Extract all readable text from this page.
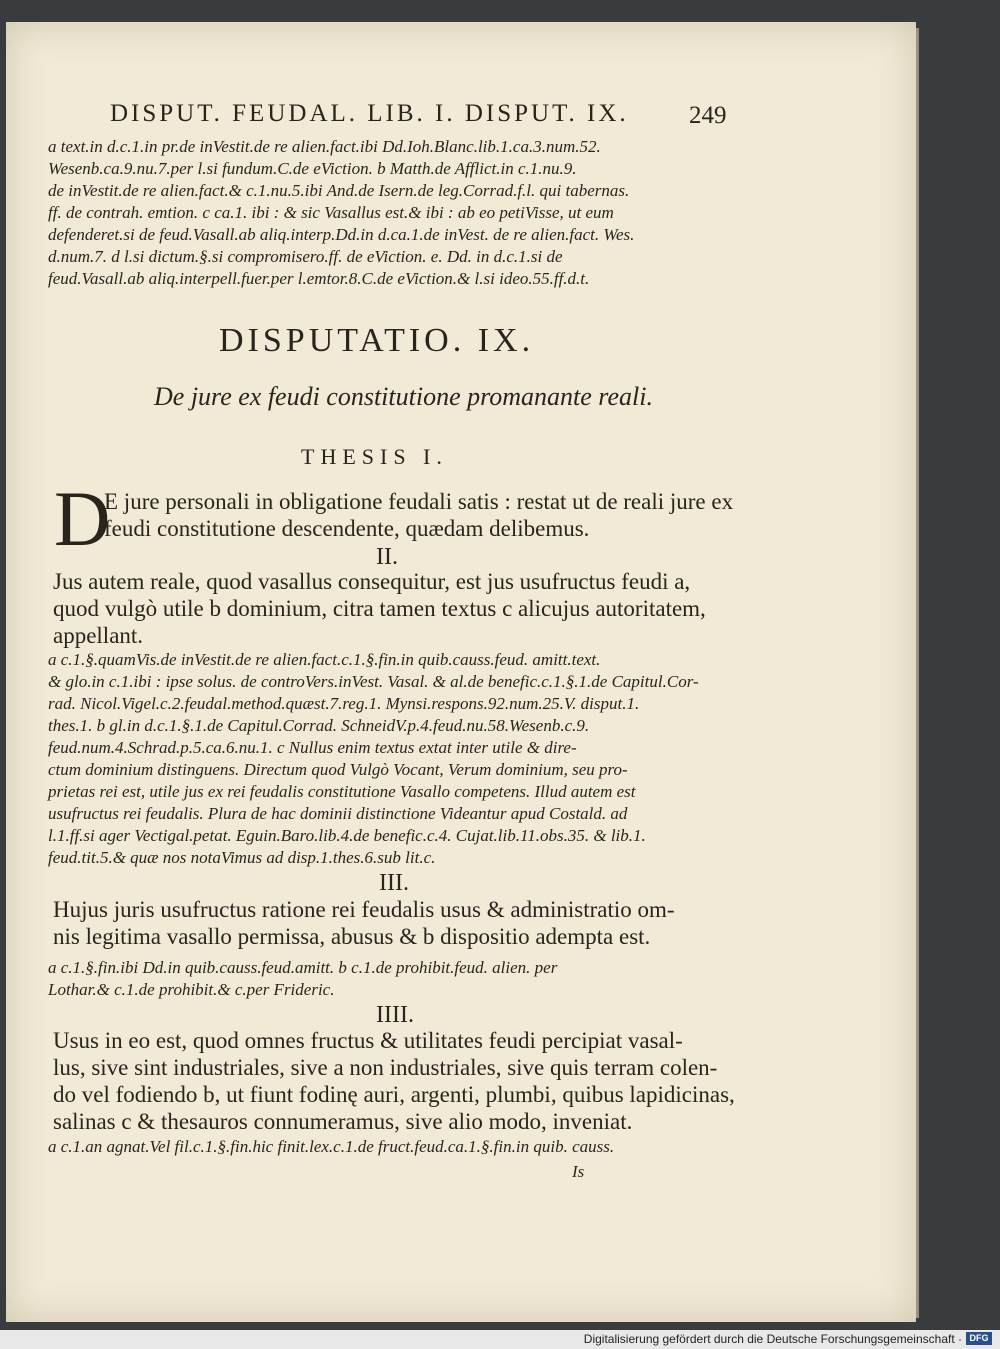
DISPUT. FEUDAL. LIB. I. DISPUT. IX. 249
a text.in d.c.1.in pr.de inVestit.de re alien.fact.ibi Dd.Ioh.Blanc.lib.1.ca.3.num.52.
Wesenb.ca.9.nu.7.per l.si fundum.C.de eViction. b Matth.de Afflict.in c.1.nu.9.
de inVestit.de re alien.fact.& c.1.nu.5.ibi And.de Isern.de leg.Corrad.f.l. qui tabernas.
ff. de contrah. emtion. c ca.1. ibi : & sic Vasallus est.& ibi : ab eo petiVisse, ut eum
defenderet.si de feud.Vasall.ab aliq.interp.Dd.in d.ca.1.de inVest. de re alien.fact. Wes.
d.num.7. d l.si dictum.§.si compromisero.ff. de eViction. e. Dd. in d.c.1.si de
feud.Vasall.ab aliq.interpell.fuer.per l.emtor.8.C.de eViction.& l.si ideo.55.ff.d.t.
DISPUTATIO. IX.
De jure ex feudi constitutione promanante reali.
THESIS I.
D
E jure personali in obligatione feudali satis : restat ut de reali jure ex
feudi constitutione descendente, quædam delibemus.
II.
Jus autem reale, quod vasallus consequitur, est jus usufructus feudi a,
quod vulgò utile b dominium, citra tamen textus c alicujus autoritatem,
appellant.
a c.1.§.quamVis.de inVestit.de re alien.fact.c.1.§.fin.in quib.causs.feud. amitt.text.
& glo.in c.1.ibi : ipse solus. de controVers.inVest. Vasal. & al.de benefic.c.1.§.1.de Capitul.Cor-
rad. Nicol.Vigel.c.2.feudal.method.quæst.7.reg.1. Mynsi.respons.92.num.25.V. disput.1.
thes.1. b gl.in d.c.1.§.1.de Capitul.Corrad. SchneidV.p.4.feud.nu.58.Wesenb.c.9.
feud.num.4.Schrad.p.5.ca.6.nu.1. c Nullus enim textus extat inter utile & dire-
ctum dominium distinguens. Directum quod Vulgò Vocant, Verum dominium, seu pro-
prietas rei est, utile jus ex rei feudalis constitutione Vasallo competens. Illud autem est
usufructus rei feudalis. Plura de hac dominii distinctione Videantur apud Costald. ad
l.1.ff.si ager Vectigal.petat. Eguin.Baro.lib.4.de benefic.c.4. Cujat.lib.11.obs.35. & lib.1.
feud.tit.5.& quæ nos notaVimus ad disp.1.thes.6.sub lit.c.
III.
Hujus juris usufructus ratione rei feudalis usus & administratio om-
nis legitima vasallo permissa, abusus & b dispositio adempta est.
a c.1.§.fin.ibi Dd.in quib.causs.feud.amitt. b c.1.de prohibit.feud. alien. per
Lothar.& c.1.de prohibit.& c.per Frideric.
IIII.
Usus in eo est, quod omnes fructus & utilitates feudi percipiat vasal-
lus, sive sint industriales, sive a non industriales, sive quis terram colen-
do vel fodiendo b, ut fiunt fodinę auri, argenti, plumbi, quibus lapidicinas,
salinas c & thesauros connumeramus, sive alio modo, inveniat.
a c.1.an agnat.Vel fil.c.1.§.fin.hic finit.lex.c.1.de fruct.feud.ca.1.§.fin.in quib. causs.
Is
Digitalisierung gefördert durch die Deutsche Forschungsgemeinschaft · DFG
